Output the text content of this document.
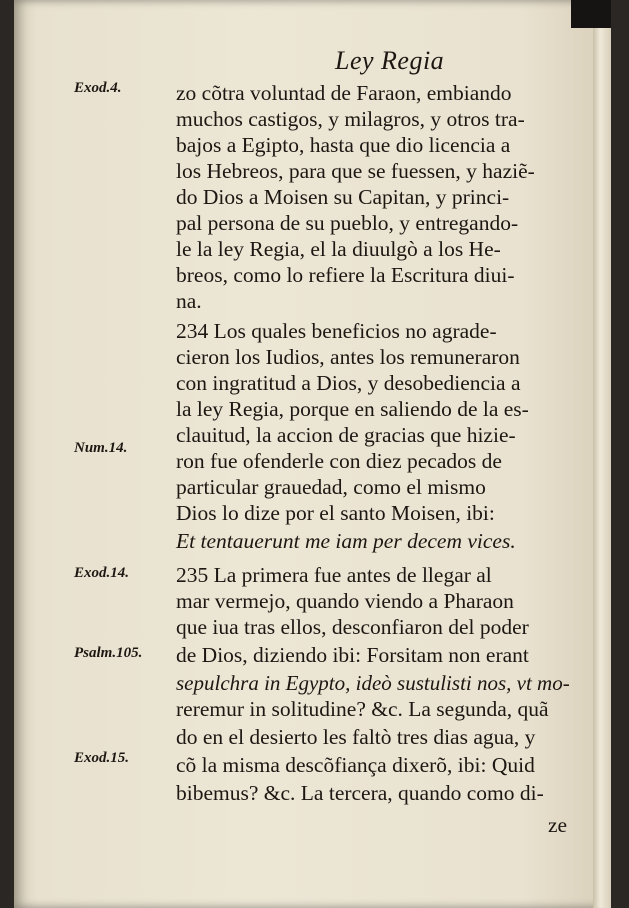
Ley Regia
Exod.4.
Num.14.
Exod.14.
Psalm.105.
Exod.15.
zo cõtra voluntad de Faraon, embiando
muchos castigos, y milagros, y otros tra-
bajos a Egipto, hasta que dio licencia a
los Hebreos, para que se fuessen, y haziẽ-
do Dios a Moisen su Capitan, y princi-
pal persona de su pueblo, y entregando-
le la ley Regia, el la diuulgò a los He-
breos, como lo refiere la Escritura diui-
na.
234 Los quales beneficios no agrade-
cieron los Iudios, antes los remuneraron
con ingratitud a Dios, y desobediencia a
la ley Regia, porque en saliendo de la es-
clauitud, la accion de gracias que hizie-
ron fue ofenderle con diez pecados de
particular grauedad, como el mismo
Dios lo dize por el santo Moisen, ibi:
Et tentauerunt me iam per decem vices.
235 La primera fue antes de llegar al
mar vermejo, quando viendo a Pharaon
que iua tras ellos, desconfiaron del poder
de Dios, diziendo ibi: Forsitam non erant
sepulchra in Egypto, ideò sustulisti nos, vt mo-
reremur in solitudine? &c. La segunda, quã
do en el desierto les faltò tres dias agua, y
cõ la misma descõfiança dixerõ, ibi: Quid
bibemus? &c. La tercera, quando como di-
ze
